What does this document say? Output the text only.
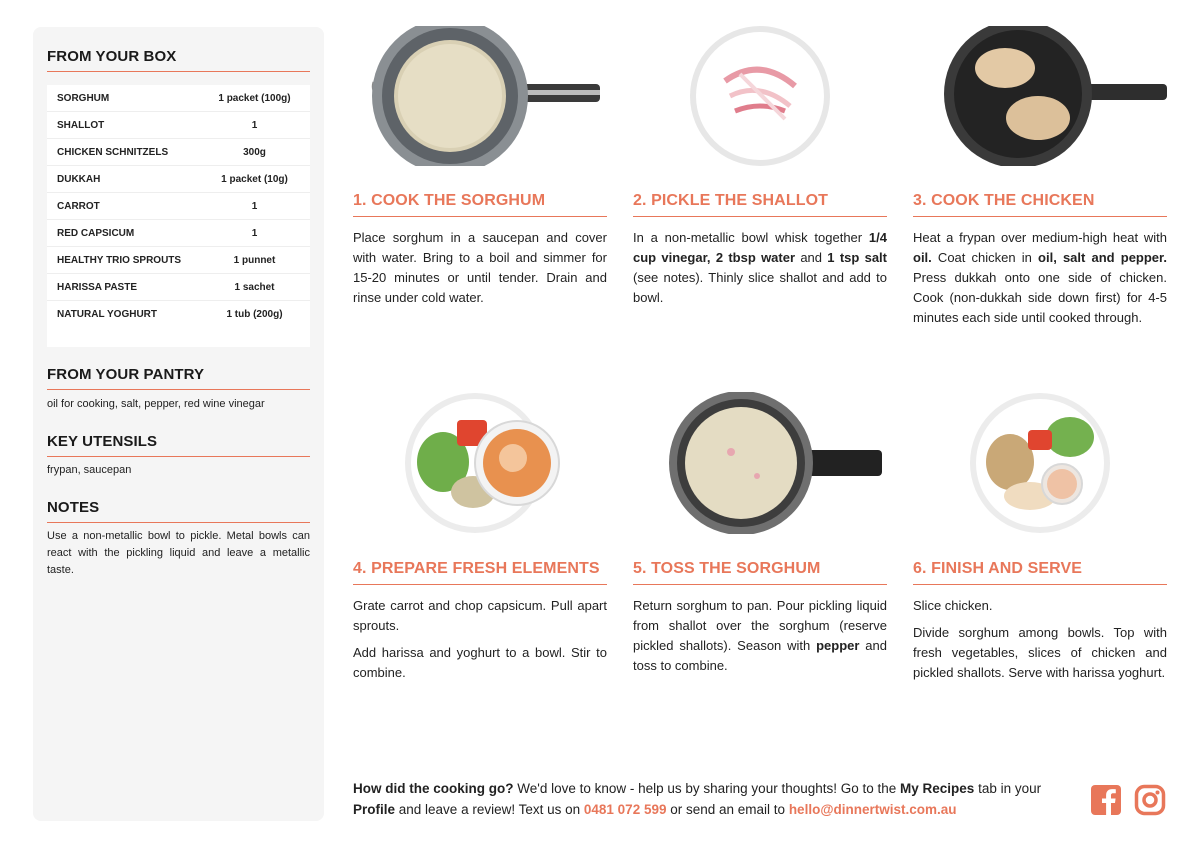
FROM YOUR BOX
SORGHUM	1 packet (100g)
SHALLOT	1
CHICKEN SCHNITZELS	300g
DUKKAH	1 packet (10g)
CARROT	1
RED CAPSICUM	1
HEALTHY TRIO SPROUTS	1 punnet
HARISSA PASTE	1 sachet
NATURAL YOGHURT	1 tub (200g)
FROM YOUR PANTRY
oil for cooking, salt, pepper, red wine vinegar
KEY UTENSILS
frypan, saucepan
NOTES
Use a non-metallic bowl to pickle. Metal bowls can react with the pickling liquid and leave a metallic taste.
1. COOK THE SORGHUM

Place sorghum in a saucepan and cover with water. Bring to a boil and simmer for 15-20 minutes or until tender. Drain and rinse under cold water.

2. PICKLE THE SHALLOT

In a non-metallic bowl whisk together 1/4 cup vinegar, 2 tbsp water and 1 tsp salt (see notes). Thinly slice shallot and add to bowl.

3. COOK THE CHICKEN

Heat a frypan over medium-high heat with oil. Coat chicken in oil, salt and pepper. Press dukkah onto one side of chicken. Cook (non-dukkah side down first) for 4-5 minutes each side until cooked through.

4. PREPARE FRESH ELEMENTS

Grate carrot and chop capsicum. Pull apart sprouts.

Add harissa and yoghurt to a bowl. Stir to combine.

5. TOSS THE SORGHUM

Return sorghum to pan. Pour pickling liquid from shallot over the sorghum (reserve pickled shallots). Season with pepper and toss to combine.

6. FINISH AND SERVE

Slice chicken.

Divide sorghum among bowls. Top with fresh vegetables, slices of chicken and pickled shallots. Serve with harissa yoghurt.

How did the cooking go? We'd love to know - help us by sharing your thoughts! Go to the My Recipes tab in your Profile and leave a review! Text us on 0481 072 599 or send an email to hello@dinnertwist.com.au
